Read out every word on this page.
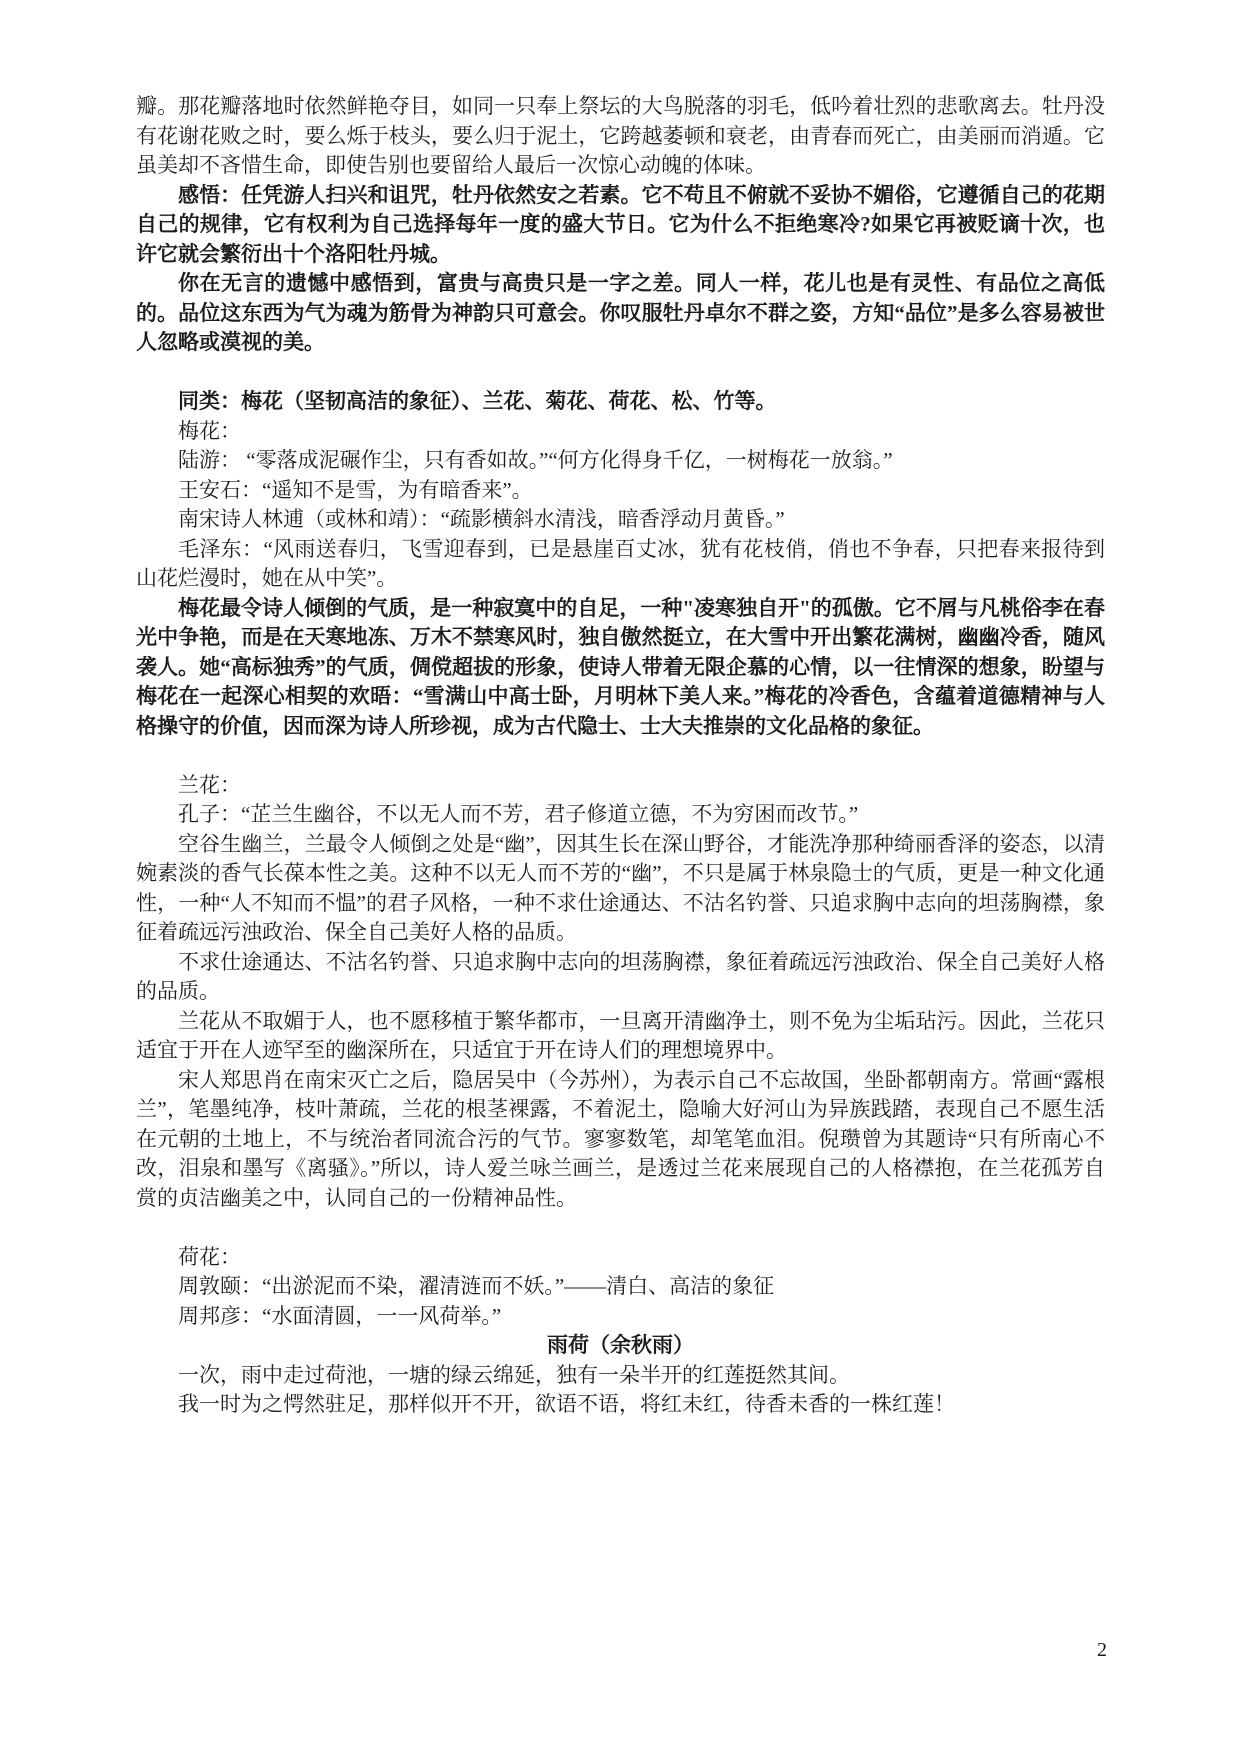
瓣。那花瓣落地时依然鲜艳夺目，如同一只奉上祭坛的大鸟脱落的羽毛，低吟着壮烈的悲歌离去。牡丹没有花谢花败之时，要么烁于枝头，要么归于泥土，它跨越萎顿和衰老，由青春而死亡，由美丽而消遁。它虽美却不吝惜生命，即使告别也要留给人最后一次惊心动魄的体味。

感悟：任凭游人扫兴和诅咒，牡丹依然安之若素。它不苟且不俯就不妥协不媚俗，它遵循自己的花期自己的规律，它有权利为自己选择每年一度的盛大节日。它为什么不拒绝寒冷?如果它再被贬谪十次，也许它就会繁衍出十个洛阳牡丹城。

你在无言的遗憾中感悟到，富贵与高贵只是一字之差。同人一样，花儿也是有灵性、有品位之高低的。品位这东西为气为魂为筋骨为神韵只可意会。你叹服牡丹卓尔不群之姿，方知“品位”是多么容易被世人忽略或漠视的美。

同类：梅花（坚韧高洁的象征）、兰花、菊花、荷花、松、竹等。

梅花：

陆游： “零落成泥碾作尘，只有香如故。”“何方化得身千亿，一树梅花一放翁。”

王安石：“遥知不是雪，为有暗香来”。

南宋诗人林逋（或林和靖）：“疏影横斜水清浅，暗香浮动月黄昏。”

毛泽东：“风雨送春归，飞雪迎春到，已是悬崖百丈冰，犹有花枝俏，俏也不争春，只把春来报待到山花烂漫时，她在从中笑”。

梅花最令诗人倾倒的气质，是一种寂寞中的自足，一种"凌寒独自开"的孤傲。它不屑与凡桃俗李在春光中争艳，而是在天寒地冻、万木不禁寒风时，独自傲然挺立，在大雪中开出繁花满树，幽幽冷香，随风袭人。她“高标独秀”的气质，倜傥超拔的形象，使诗人带着无限企慕的心情，以一往情深的想象，盼望与梅花在一起深心相契的欢晤：“雪满山中高士卧，月明林下美人来。”梅花的冷香色，含蕴着道德精神与人格操守的价值，因而深为诗人所珍视，成为古代隐士、士大夫推崇的文化品格的象征。

兰花：

孔子：“芷兰生幽谷，不以无人而不芳，君子修道立德，不为穷困而改节。”

空谷生幽兰，兰最令人倾倒之处是“幽”，因其生长在深山野谷，才能洗净那种绮丽香泽的姿态，以清婉素淡的香气长葆本性之美。这种不以无人而不芳的“幽”，不只是属于林泉隐士的气质，更是一种文化通性，一种“人不知而不愠”的君子风格，一种不求仕途通达、不沽名钓誉、只追求胸中志向的坦荡胸襟，象征着疏远污浊政治、保全自己美好人格的品质。

不求仕途通达、不沽名钓誉、只追求胸中志向的坦荡胸襟，象征着疏远污浊政治、保全自己美好人格的品质。

兰花从不取媚于人，也不愿移植于繁华都市，一旦离开清幽净土，则不免为尘垢玷污。因此，兰花只适宜于开在人迹罕至的幽深所在，只适宜于开在诗人们的理想境界中。

宋人郑思肖在南宋灭亡之后，隐居吴中（今苏州），为表示自己不忘故国，坐卧都朝南方。常画“露根兰”，笔墨纯净，枝叶萧疏，兰花的根茎裸露，不着泥土，隐喻大好河山为异族践踏，表现自己不愿生活在元朝的土地上，不与统治者同流合污的气节。寥寥数笔，却笔笔血泪。倪瓒曾为其题诗“只有所南心不改，泪泉和墨写《离骚》。”所以，诗人爱兰咏兰画兰，是透过兰花来展现自己的人格襟抱，在兰花孤芳自赏的贞洁幽美之中，认同自己的一份精神品性。

荷花：

周敦颐：“出淤泥而不染，濯清涟而不妖。”——清白、高洁的象征

周邦彦：“水面清圆，一一风荷举。”

雨荷（余秋雨）

一次，雨中走过荷池，一塘的绿云绵延，独有一朵半开的红莲挺然其间。

我一时为之愕然驻足，那样似开不开，欲语不语，将红未红，待香未香的一株红莲！

2
